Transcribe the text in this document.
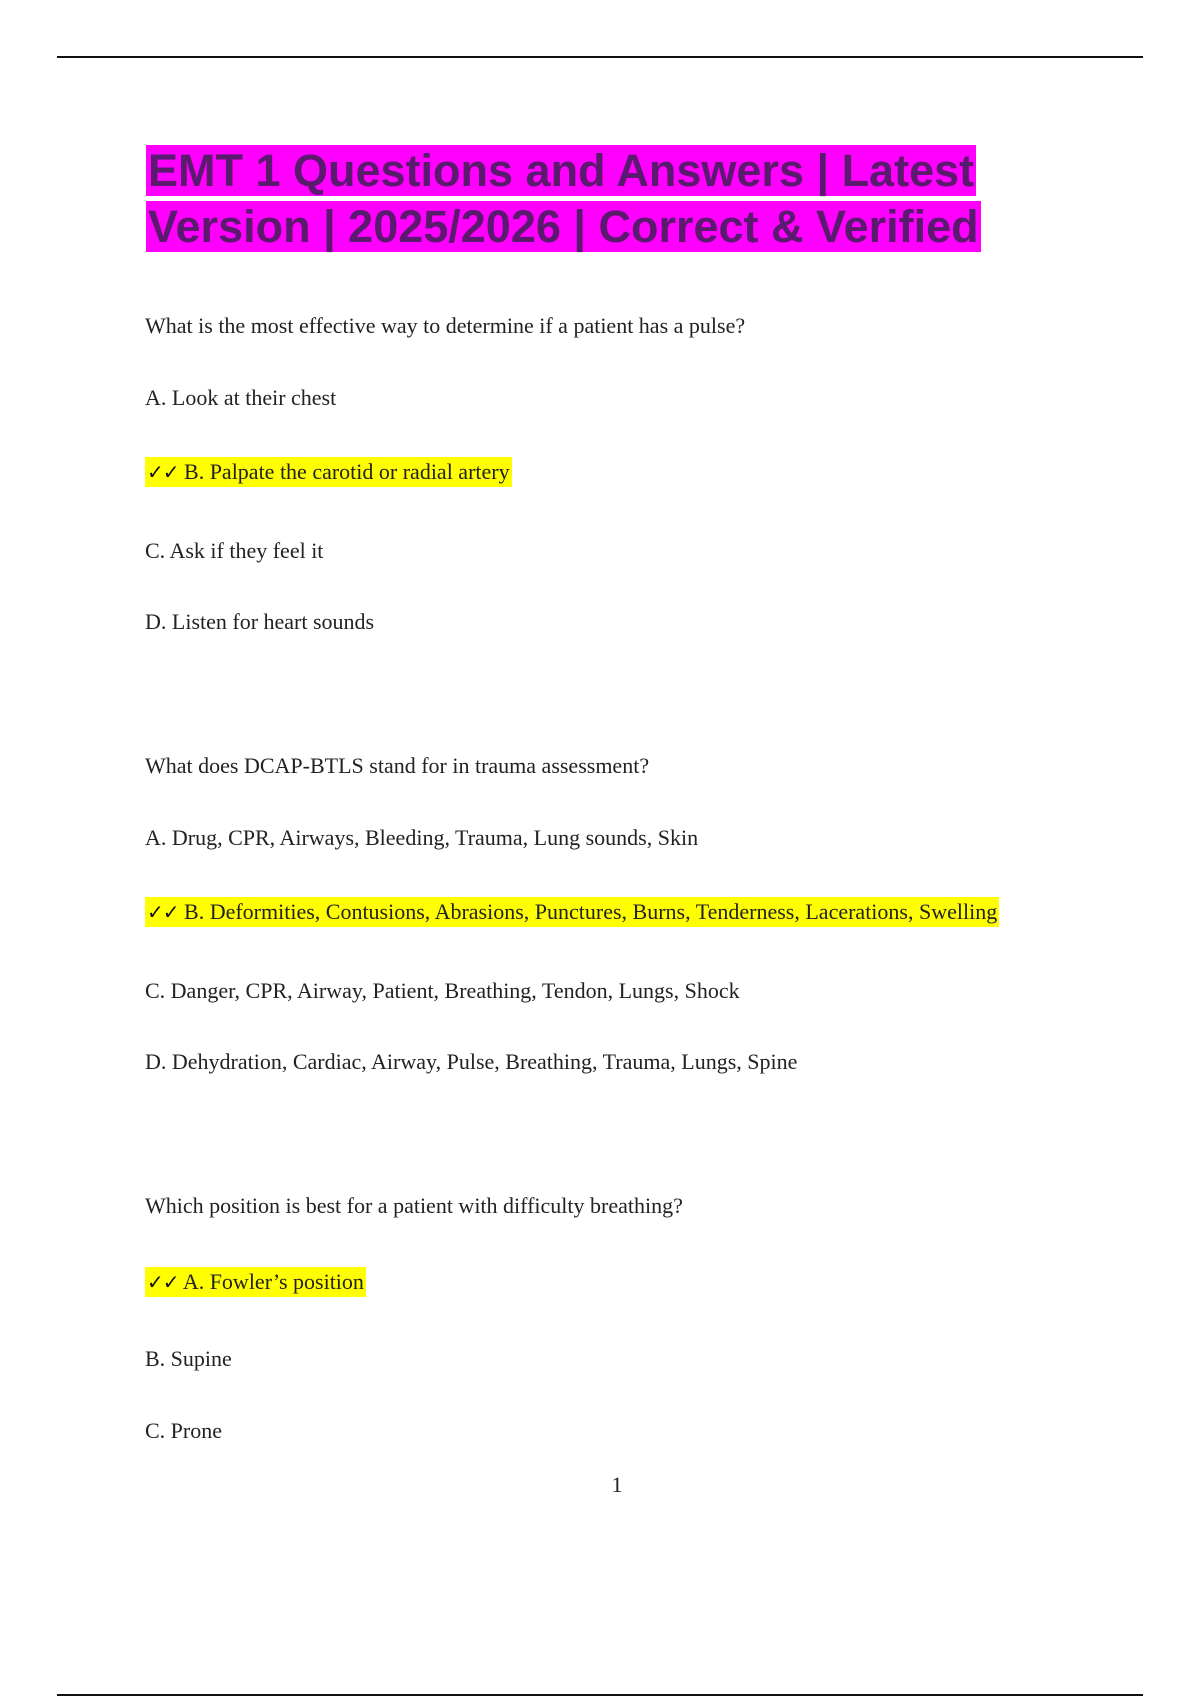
EMT 1 Questions and Answers | Latest Version | 2025/2026 | Correct & Verified

What is the most effective way to determine if a patient has a pulse?

A. Look at their chest

✓✓ B. Palpate the carotid or radial artery

C. Ask if they feel it

D. Listen for heart sounds

What does DCAP-BTLS stand for in trauma assessment?

A. Drug, CPR, Airways, Bleeding, Trauma, Lung sounds, Skin

✓✓ B. Deformities, Contusions, Abrasions, Punctures, Burns, Tenderness, Lacerations, Swelling

C. Danger, CPR, Airway, Patient, Breathing, Tendon, Lungs, Shock

D. Dehydration, Cardiac, Airway, Pulse, Breathing, Trauma, Lungs, Spine

Which position is best for a patient with difficulty breathing?

✓✓ A. Fowler’s position

B. Supine

C. Prone

1
